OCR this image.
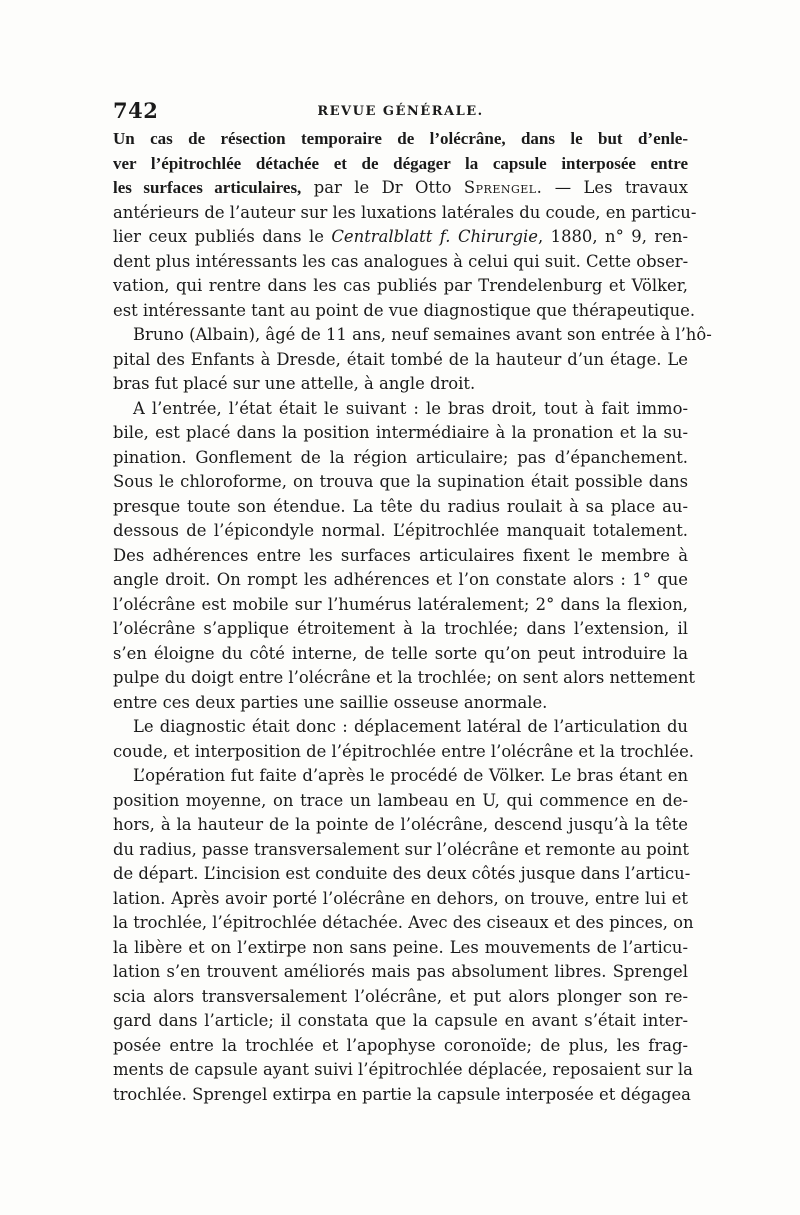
742	REVUE GÉNÉRALE.
Un cas de résection temporaire de l’olécrâne, dans le but d’enle-
ver l’épitrochlée détachée et de dégager la capsule interposée entre
les surfaces articulaires, par le Dr Otto Sprengel. — Les travaux
antérieurs de l’auteur sur les luxations latérales du coude, en particu-
lier ceux publiés dans le Centralblatt f. Chirurgie, 1880, n° 9, ren-
dent plus intéressants les cas analogues à celui qui suit. Cette obser-
vation, qui rentre dans les cas publiés par Trendelenburg et Völker,
est intéressante tant au point de vue diagnostique que thérapeutique.
Bruno (Albain), âgé de 11 ans, neuf semaines avant son entrée à l’hô-
pital des Enfants à Dresde, était tombé de la hauteur d’un étage. Le
bras fut placé sur une attelle, à angle droit.
A l’entrée, l’état était le suivant : le bras droit, tout à fait immo-
bile, est placé dans la position intermédiaire à la pronation et la su-
pination. Gonflement de la région articulaire; pas d’épanchement.
Sous le chloroforme, on trouva que la supination était possible dans
presque toute son étendue. La tête du radius roulait à sa place au-
dessous de l’épicondyle normal. L’épitrochlée manquait totalement.
Des adhérences entre les surfaces articulaires fixent le membre à
angle droit. On rompt les adhérences et l’on constate alors : 1° que
l’olécrâne est mobile sur l’humérus latéralement; 2° dans la flexion,
l’olécrâne s’applique étroitement à la trochlée; dans l’extension, il
s’en éloigne du côté interne, de telle sorte qu’on peut introduire la
pulpe du doigt entre l’olécrâne et la trochlée; on sent alors nettement
entre ces deux parties une saillie osseuse anormale.
Le diagnostic était donc : déplacement latéral de l’articulation du
coude, et interposition de l’épitrochlée entre l’olécrâne et la trochlée.
L’opération fut faite d’après le procédé de Völker. Le bras étant en
position moyenne, on trace un lambeau en U, qui commence en de-
hors, à la hauteur de la pointe de l’olécrâne, descend jusqu’à la tête
du radius, passe transversalement sur l’olécrâne et remonte au point
de départ. L’incision est conduite des deux côtés jusque dans l’articu-
lation. Après avoir porté l’olécrâne en dehors, on trouve, entre lui et
la trochlée, l’épitrochlée détachée. Avec des ciseaux et des pinces, on
la libère et on l’extirpe non sans peine. Les mouvements de l’articu-
lation s’en trouvent améliorés mais pas absolument libres. Sprengel
scia alors transversalement l’olécrâne, et put alors plonger son re-
gard dans l’article; il constata que la capsule en avant s’était inter-
posée entre la trochlée et l’apophyse coronoïde; de plus, les frag-
ments de capsule ayant suivi l’épitrochlée déplacée, reposaient sur la
trochlée. Sprengel extirpa en partie la capsule interposée et dégagea
